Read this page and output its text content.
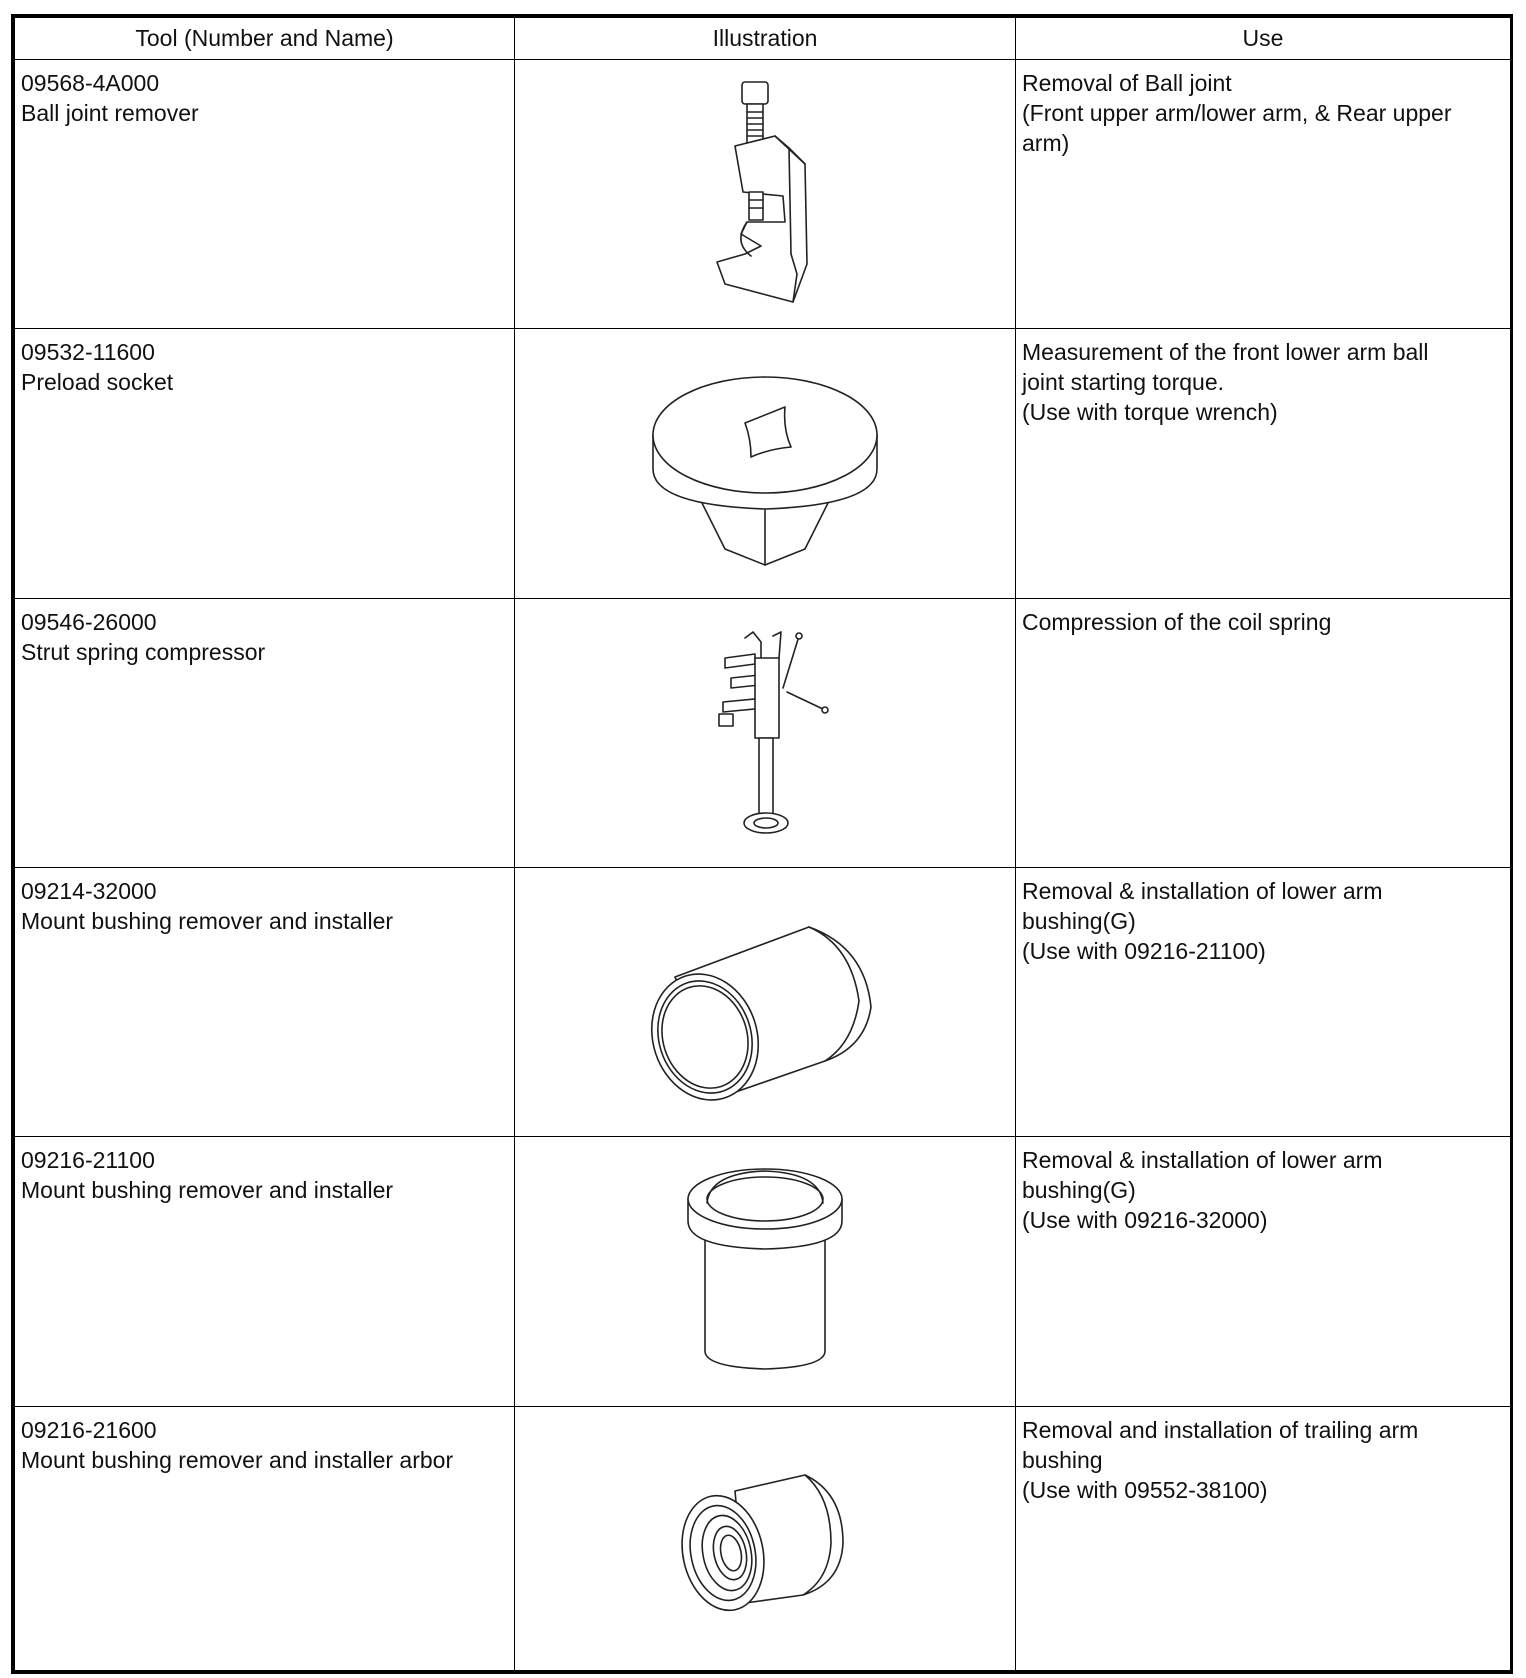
Tool (Number and Name)	Illustration	Use

09568-4A000
Ball joint remover		Removal of Ball joint
(Front upper arm/lower arm, & Rear upper
arm)

09532-11600
Preload socket		Measurement of the front lower arm ball
joint starting torque.
(Use with torque wrench)

09546-26000
Strut spring compressor		Compression of the coil spring

09214-32000
Mount bushing remover and installer		Removal & installation of lower arm
bushing(G)
(Use with 09216-21100)

09216-21100
Mount bushing remover and installer		Removal & installation of lower arm
bushing(G)
(Use with 09216-32000)

09216-21600
Mount bushing remover and installer arbor		Removal and installation of trailing arm
bushing
(Use with 09552-38100)
